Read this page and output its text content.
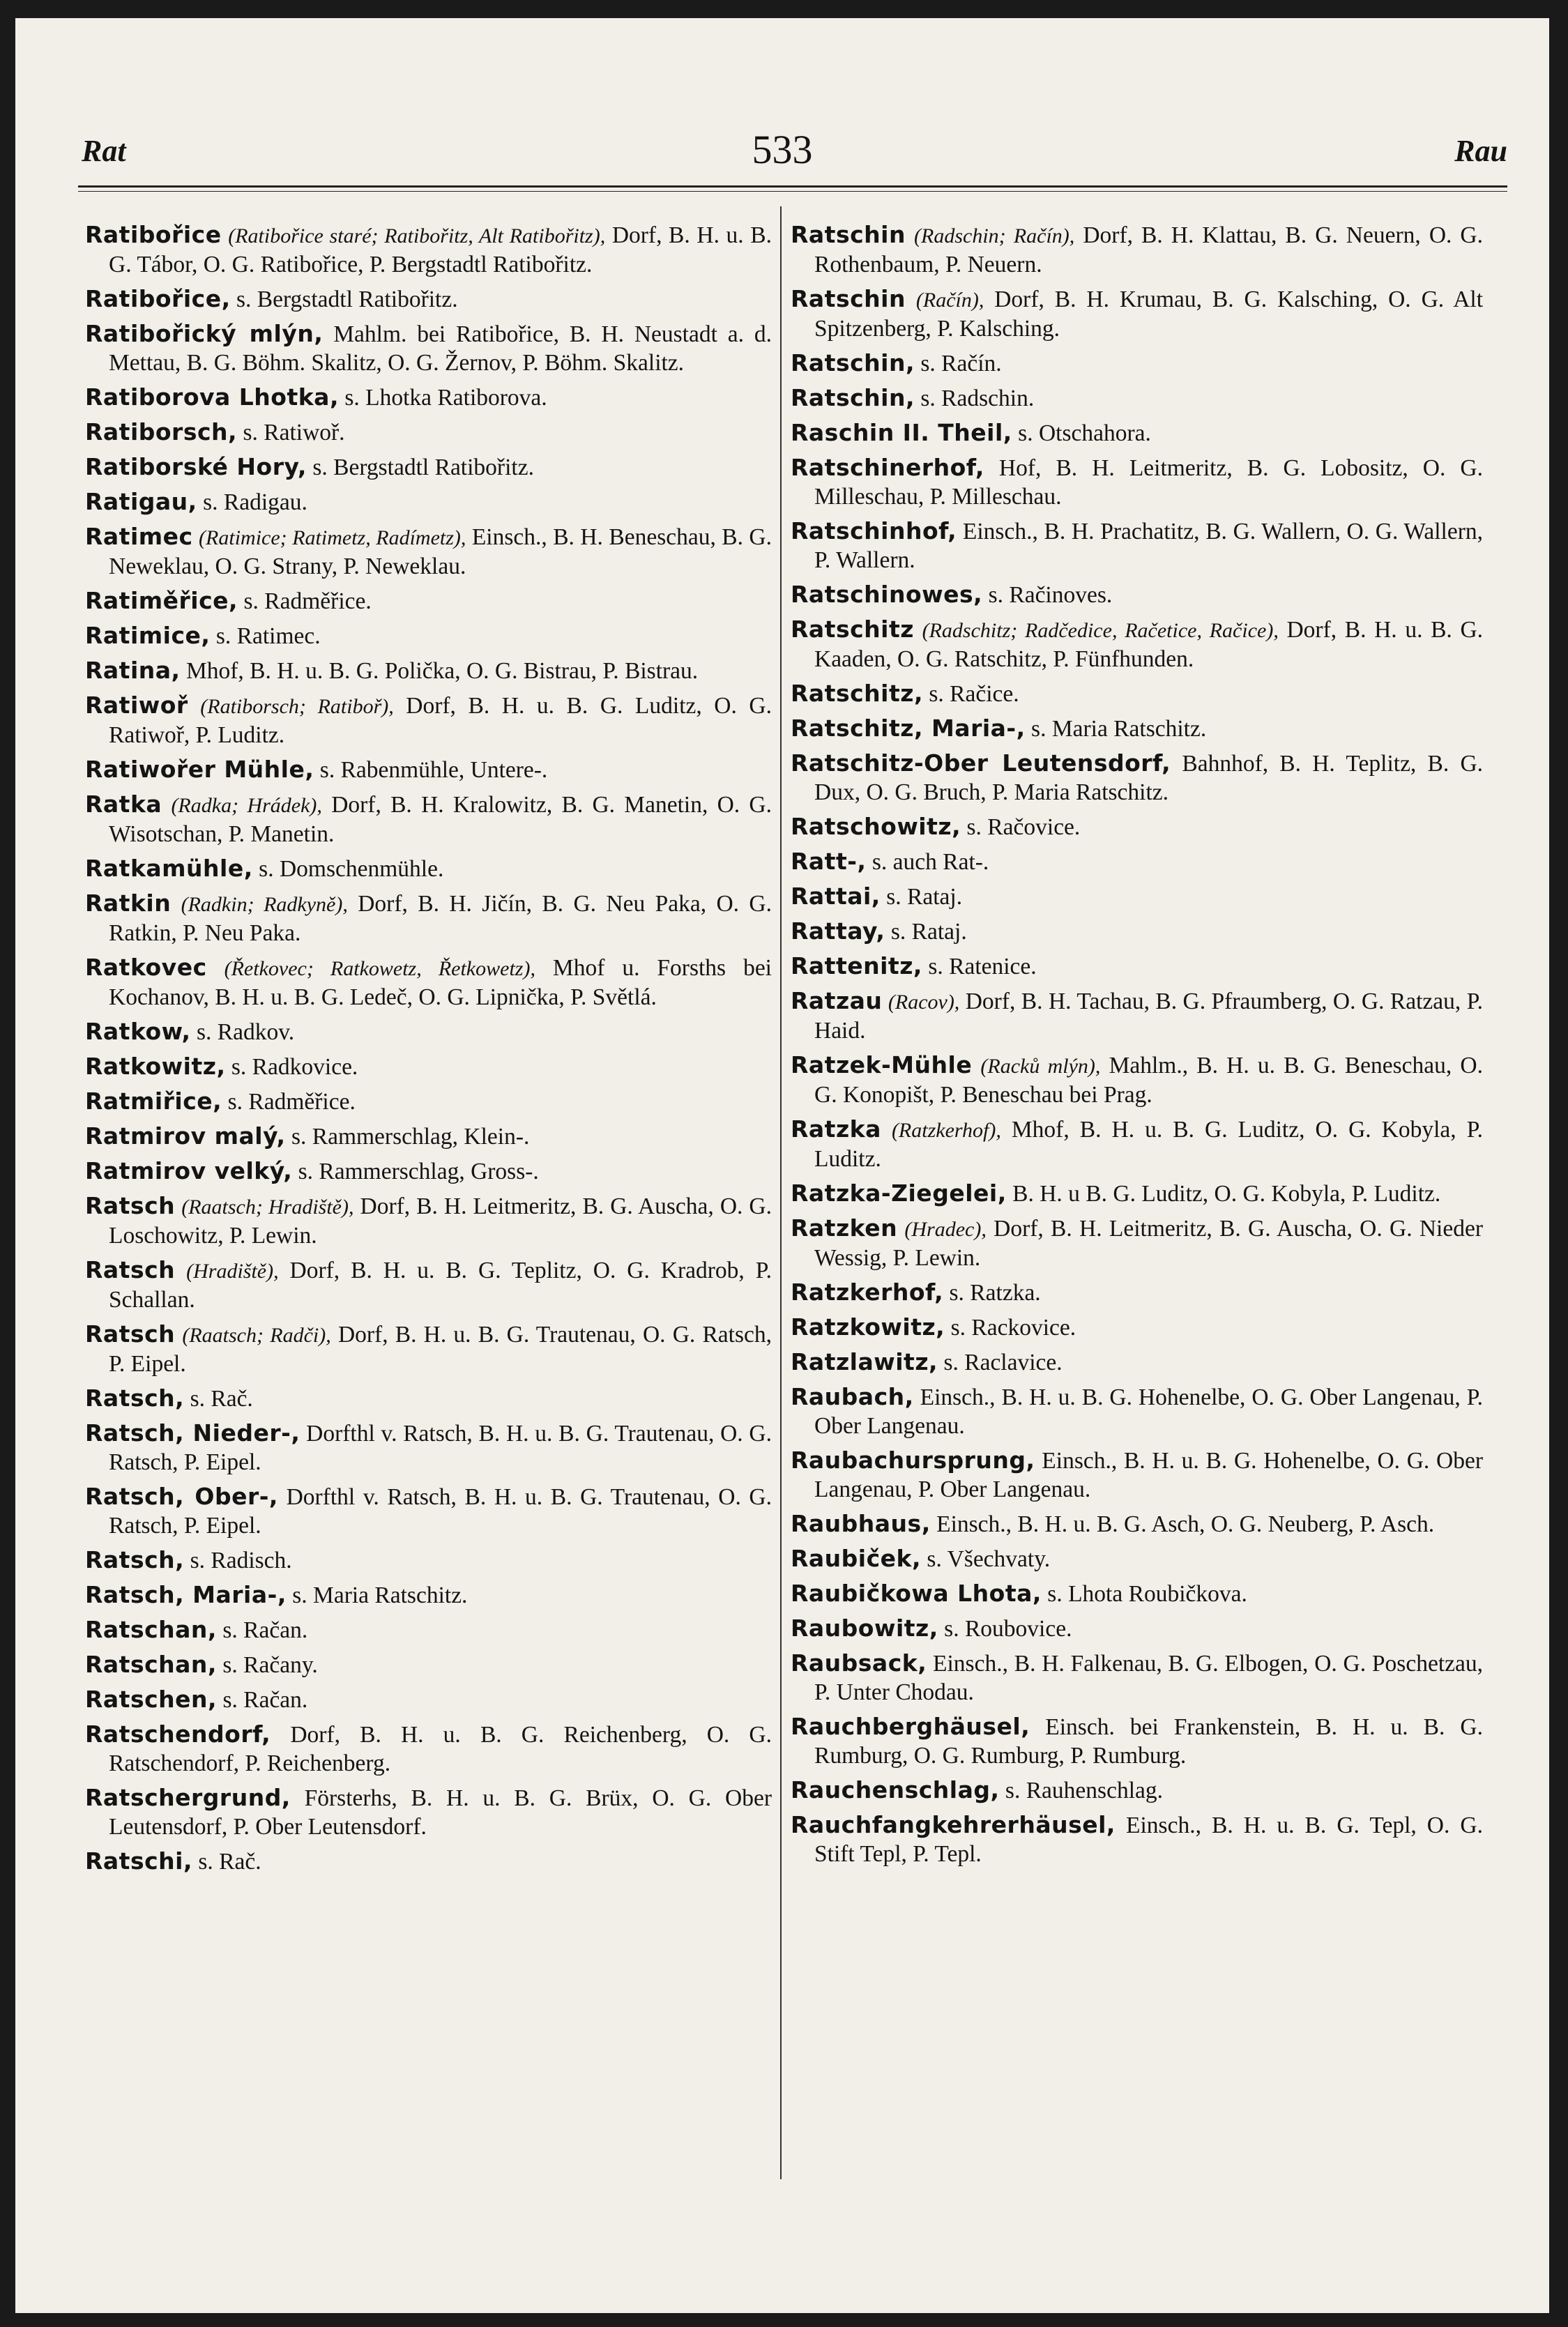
Rat	533	Rau

Ratibořice (Ratibořice staré; Ratibořitz, Alt Ratibořitz), Dorf, B. H. u. B. G. Tábor, O. G. Ratibořice, P. Bergstadtl Ratibořitz.

Ratibořice, s. Bergstadtl Ratibořitz.

Ratibořický mlýn, Mahlm. bei Ratibořice, B. H. Neustadt a. d. Mettau, B. G. Böhm. Skalitz, O. G. Žernov, P. Böhm. Skalitz.

Ratiborova Lhotka, s. Lhotka Ratiborova.

Ratiborsch, s. Ratiwoř.

Ratiborské Hory, s. Bergstadtl Ratibořitz.

Ratigau, s. Radigau.

Ratimec (Ratimice; Ratimetz, Radímetz), Einsch., B. H. Beneschau, B. G. Neweklau, O. G. Strany, P. Neweklau.

Ratiměřice, s. Radměřice.

Ratimice, s. Ratimec.

Ratina, Mhof, B. H. u. B. G. Polička, O. G. Bistrau, P. Bistrau.

Ratiwoř (Ratiborsch; Ratiboř), Dorf, B. H. u. B. G. Luditz, O. G. Ratiwoř, P. Luditz.

Ratiwořer Mühle, s. Rabenmühle, Untere-.

Ratka (Radka; Hrádek), Dorf, B. H. Kralowitz, B. G. Manetin, O. G. Wisotschan, P. Manetin.

Ratkamühle, s. Domschenmühle.

Ratkin (Radkin; Radkyně), Dorf, B. H. Jičín, B. G. Neu Paka, O. G. Ratkin, P. Neu Paka.

Ratkovec (Řetkovec; Ratkowetz, Řetkowetz), Mhof u. Forsths bei Kochanov, B. H. u. B. G. Ledeč, O. G. Lipnička, P. Světlá.

Ratkow, s. Radkov.

Ratkowitz, s. Radkovice.

Ratmiřice, s. Radměřice.

Ratmirov malý, s. Rammerschlag, Klein-.

Ratmirov velký, s. Rammerschlag, Gross-.

Ratsch (Raatsch; Hradiště), Dorf, B. H. Leitmeritz, B. G. Auscha, O. G. Loschowitz, P. Lewin.

Ratsch (Hradiště), Dorf, B. H. u. B. G. Teplitz, O. G. Kradrob, P. Schallan.

Ratsch (Raatsch; Radči), Dorf, B. H. u. B. G. Trautenau, O. G. Ratsch, P. Eipel.

Ratsch, s. Rač.

Ratsch, Nieder-, Dorfthl v. Ratsch, B. H. u. B. G. Trautenau, O. G. Ratsch, P. Eipel.

Ratsch, Ober-, Dorfthl v. Ratsch, B. H. u. B. G. Trautenau, O. G. Ratsch, P. Eipel.

Ratsch, s. Radisch.

Ratsch, Maria-, s. Maria Ratschitz.

Ratschan, s. Račan.

Ratschan, s. Račany.

Ratschen, s. Račan.

Ratschendorf, Dorf, B. H. u. B. G. Reichenberg, O. G. Ratschendorf, P. Reichenberg.

Ratschergrund, Försterhs, B. H. u. B. G. Brüx, O. G. Ober Leutensdorf, P. Ober Leutensdorf.

Ratschi, s. Rač.

Ratschin (Radschin; Račín), Dorf, B. H. Klattau, B. G. Neuern, O. G. Rothenbaum, P. Neuern.

Ratschin (Račín), Dorf, B. H. Krumau, B. G. Kalsching, O. G. Alt Spitzenberg, P. Kalsching.

Ratschin, s. Račín.

Ratschin, s. Radschin.

Raschin II. Theil, s. Otschahora.

Ratschinerhof, Hof, B. H. Leitmeritz, B. G. Lobositz, O. G. Milleschau, P. Milleschau.

Ratschinhof, Einsch., B. H. Prachatitz, B. G. Wallern, O. G. Wallern, P. Wallern.

Ratschinowes, s. Račinoves.

Ratschitz (Radschitz; Radčedice, Račetice, Račice), Dorf, B. H. u. B. G. Kaaden, O. G. Ratschitz, P. Fünfhunden.

Ratschitz, s. Račice.

Ratschitz, Maria-, s. Maria Ratschitz.

Ratschitz-Ober Leutensdorf, Bahnhof, B. H. Teplitz, B. G. Dux, O. G. Bruch, P. Maria Ratschitz.

Ratschowitz, s. Račovice.

Ratt-, s. auch Rat-.

Rattai, s. Rataj.

Rattay, s. Rataj.

Rattenitz, s. Ratenice.

Ratzau (Racov), Dorf, B. H. Tachau, B. G. Pfraumberg, O. G. Ratzau, P. Haid.

Ratzek-Mühle (Racků mlýn), Mahlm., B. H. u. B. G. Beneschau, O. G. Konopišt, P. Beneschau bei Prag.

Ratzka (Ratzkerhof), Mhof, B. H. u. B. G. Luditz, O. G. Kobyla, P. Luditz.

Ratzka-Ziegelei, B. H. u B. G. Luditz, O. G. Kobyla, P. Luditz.

Ratzken (Hradec), Dorf, B. H. Leitmeritz, B. G. Auscha, O. G. Nieder Wessig, P. Lewin.

Ratzkerhof, s. Ratzka.

Ratzkowitz, s. Rackovice.

Ratzlawitz, s. Raclavice.

Raubach, Einsch., B. H. u. B. G. Hohenelbe, O. G. Ober Langenau, P. Ober Langenau.

Raubachursprung, Einsch., B. H. u. B. G. Hohenelbe, O. G. Ober Langenau, P. Ober Langenau.

Raubhaus, Einsch., B. H. u. B. G. Asch, O. G. Neuberg, P. Asch.

Raubiček, s. Všechvaty.

Raubičkowa Lhota, s. Lhota Roubičkova.

Raubowitz, s. Roubovice.

Raubsack, Einsch., B. H. Falkenau, B. G. Elbogen, O. G. Poschetzau, P. Unter Chodau.

Rauchberghäusel, Einsch. bei Frankenstein, B. H. u. B. G. Rumburg, O. G. Rumburg, P. Rumburg.

Rauchenschlag, s. Rauhenschlag.

Rauchfangkehrerhäusel, Einsch., B. H. u. B. G. Tepl, O. G. Stift Tepl, P. Tepl.
